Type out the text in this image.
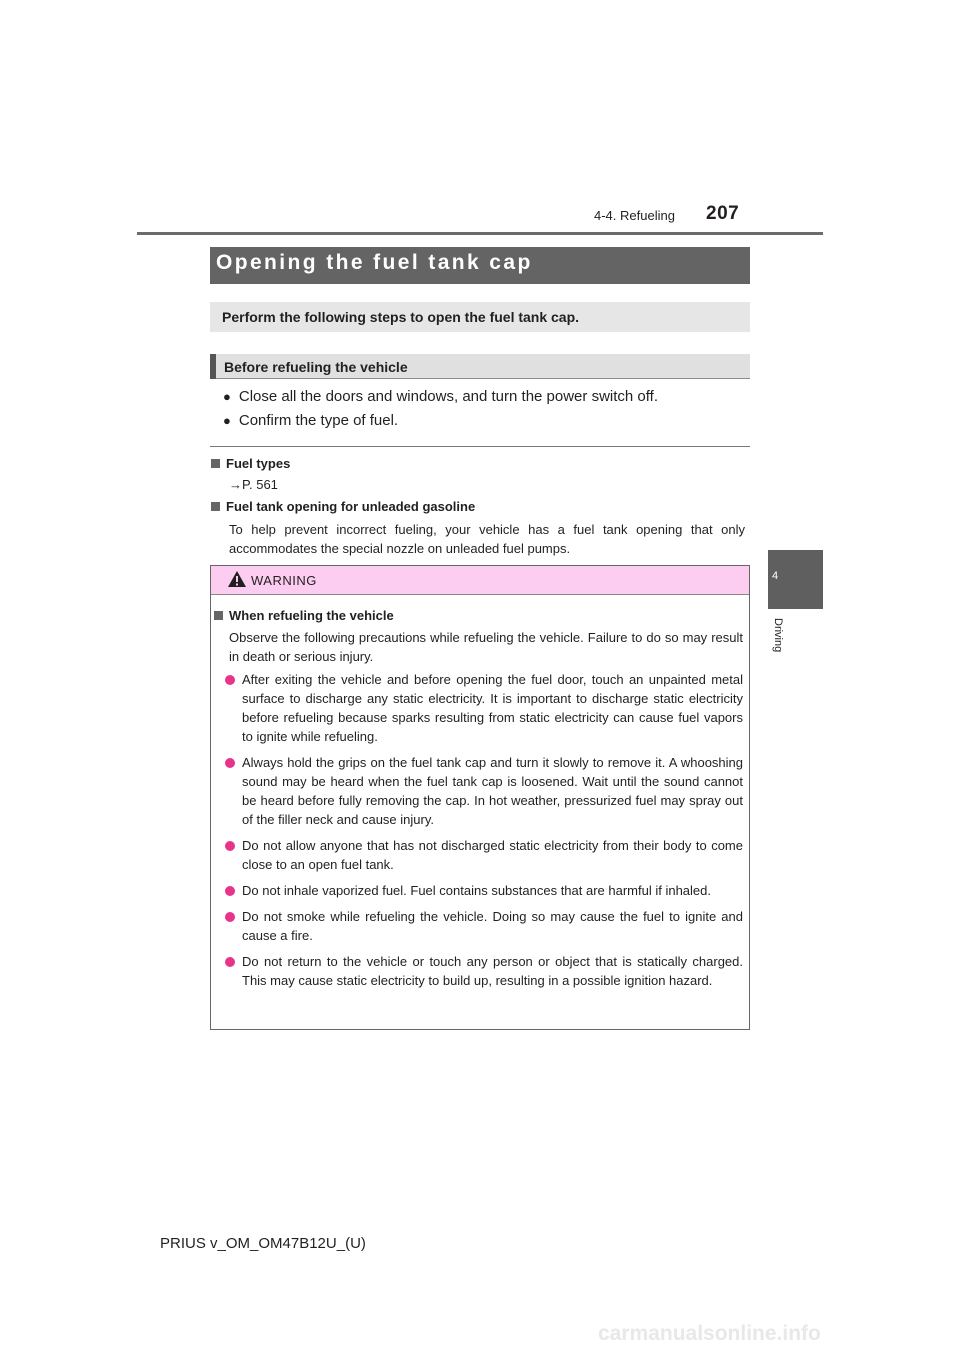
4-4. Refueling 207
4
Driving
Opening the fuel tank cap
Perform the following steps to open the fuel tank cap.
Before refueling the vehicle
● Close all the doors and windows, and turn the power switch off.
● Confirm the type of fuel.
Fuel types
→P. 561
Fuel tank opening for unleaded gasoline
To help prevent incorrect fueling, your vehicle has a fuel tank opening that only accommodates the special nozzle on unleaded fuel pumps.
WARNING
When refueling the vehicle
Observe the following precautions while refueling the vehicle. Failure to do so may result in death or serious injury.
After exiting the vehicle and before opening the fuel door, touch an unpainted metal surface to discharge any static electricity. It is important to discharge static electricity before refueling because sparks resulting from static electricity can cause fuel vapors to ignite while refueling.
Always hold the grips on the fuel tank cap and turn it slowly to remove it. A whooshing sound may be heard when the fuel tank cap is loosened. Wait until the sound cannot be heard before fully removing the cap. In hot weather, pressurized fuel may spray out of the filler neck and cause injury.
Do not allow anyone that has not discharged static electricity from their body to come close to an open fuel tank.
Do not inhale vaporized fuel. Fuel contains substances that are harmful if inhaled.
Do not smoke while refueling the vehicle. Doing so may cause the fuel to ignite and cause a fire.
Do not return to the vehicle or touch any person or object that is statically charged. This may cause static electricity to build up, resulting in a possible ignition hazard.
PRIUS v_OM_OM47B12U_(U)
carmanualsonline.info
